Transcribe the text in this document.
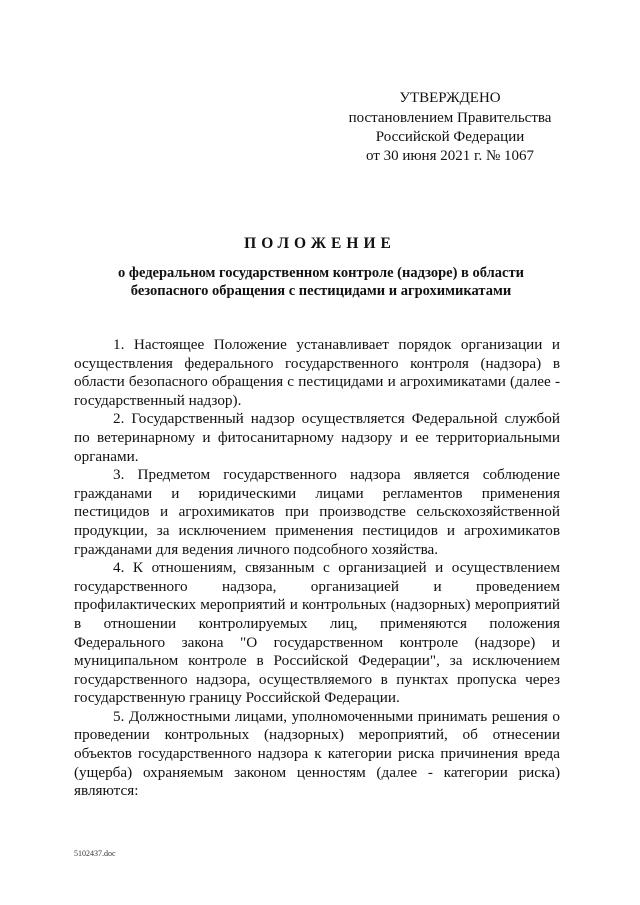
УТВЕРЖДЕНО
постановлением Правительства
Российской Федерации
от 30 июня 2021 г. № 1067
ПОЛОЖЕНИЕ
о федеральном государственном контроле (надзоре) в области безопасного обращения с пестицидами и агрохимикатами

1. Настоящее Положение устанавливает порядок организации и осуществления федерального государственного контроля (надзора) в области безопасного обращения с пестицидами и агрохимикатами (далее - государственный надзор).

2. Государственный надзор осуществляется Федеральной службой по ветеринарному и фитосанитарному надзору и ее территориальными органами.

3. Предметом государственного надзора является соблюдение гражданами и юридическими лицами регламентов применения пестицидов и агрохимикатов при производстве сельскохозяйственной продукции, за исключением применения пестицидов и агрохимикатов гражданами для ведения личного подсобного хозяйства.

4. К отношениям, связанным с организацией и осуществлением государственного надзора, организацией и проведением профилактических мероприятий и контрольных (надзорных) мероприятий в отношении контролируемых лиц, применяются положения Федерального закона "О государственном контроле (надзоре) и муниципальном контроле в Российской Федерации", за исключением государственного надзора, осуществляемого в пунктах пропуска через государственную границу Российской Федерации.

5. Должностными лицами, уполномоченными принимать решения о проведении контрольных (надзорных) мероприятий, об отнесении объектов государственного надзора к категории риска причинения вреда (ущерба) охраняемым законом ценностям (далее - категории риска) являются:

5102437.doc
